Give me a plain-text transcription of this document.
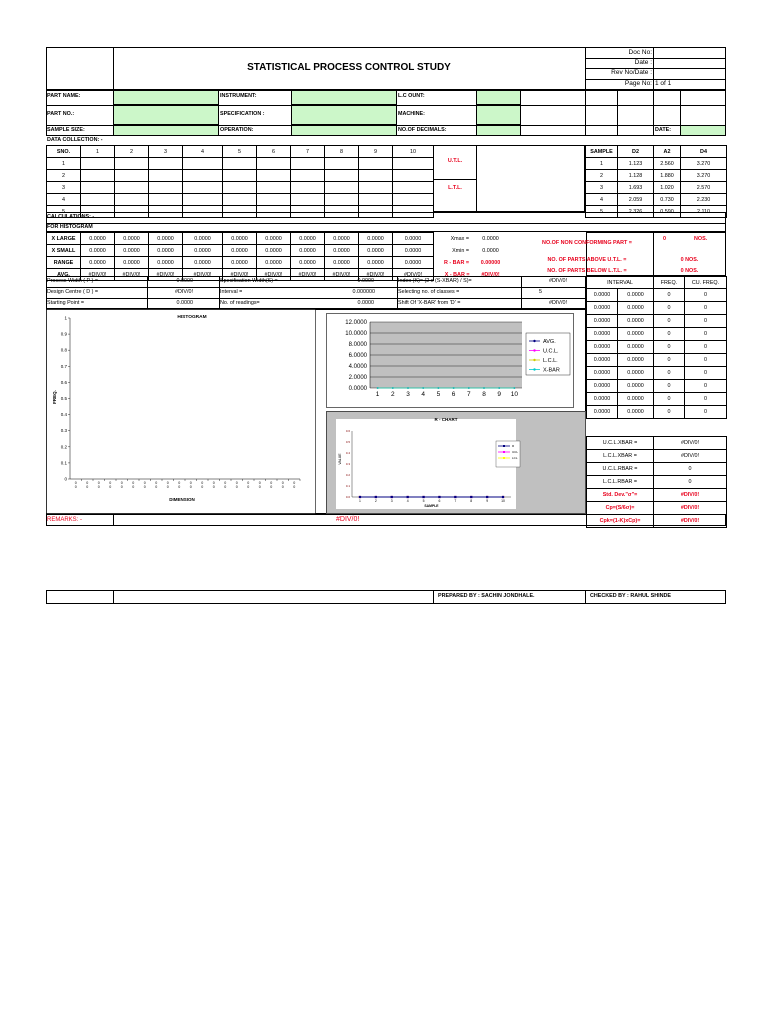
STATISTICAL PROCESS CONTROL STUDY
Doc No:
Date :
Rev No/Date :
Page No: 1 of 1
PART NAME:	INSTRUMENT:	L.C OUNT:
PART NO.:	SPECIFICATION :	MACHINE:
SAMPLE SIZE:	OPERATION:	NO.OF DECIMALS:	DATE:
DATA COLLECTION: -
SNO.	1	2	3	4	5	6	7	8	9	10
1										
2										
3										
4										
5										
U.T.L.
L.T.L.
SAMPLE	D2	A2	D4
1	1.123	2.560	3.270
2	1.128	1.880	3.270
3	1.693	1.020	2.570
4	2.059	0.730	2.230
5	2.326	0.590	2.110
CALCULATIONS: -
FOR HISTOGRAM
X LARGE	0.0000	0.0000	0.0000	0.0000	0.0000	0.0000	0.0000	0.0000	0.0000	0.0000	Xmax =	0.0000	
X SMALL	0.0000	0.0000	0.0000	0.0000	0.0000	0.0000	0.0000	0.0000	0.0000	0.0000	Xmin =	0.0000	
RANGE	0.0000	0.0000	0.0000	0.0000	0.0000	0.0000	0.0000	0.0000	0.0000	0.0000	R - BAR =	0.00000	
AVG.	#DIV/0!	#DIV/0!	#DIV/0!	#DIV/0!	#DIV/0!	#DIV/0!	#DIV/0!	#DIV/0!	#DIV/0!	#DIV/0!	X - BAR =	#DIV/0!	
NO.OF NON CONFORMING PART =
0	NOS.
NO. OF PARTS ABOVE U.T.L. =	0 NOS.
NO. OF PARTS BELOW L.T.L. =	0 NOS.
Process Width ( P ) =	0.0000	Specification Width(S) =	0.0000	Index (K)= (2 x (S-XBAR) / S)=	#DIV/0!
Design Centre ( D ) =	#DIV/0!	Interval =	0.000000	Selecting no. of classes =	5
Starting Point =	0.0000	No. of readings=	0.0000	Shift Of 'X-BAR' from 'D' =	#DIV/0!
INTERVAL		FREQ.	CU. FREQ.
0.0000	0.0000	0	0
0.0000	0.0000	0	0
0.0000	0.0000	0	0
0.0000	0.0000	0	0
0.0000	0.0000	0	0
0.0000	0.0000	0	0
0.0000	0.0000	0	0
0.0000	0.0000	0	0
0.0000	0.0000	0	0
0.0000	0.0000	0	0
U.C.L.XBAR =	#DIV/0!
L.C.L.XBAR =	#DIV/0!
U.C.L.RBAR =	0
L.C.L.RBAR =	0
Std. Dev."σ"=	#DIV/0!
Cp=(S/6σ)=	#DIV/0!
Cpk=(1-K)xCp)=	#DIV/0!
0
0.1
0.2
0.3
0.4
0.5
0.6
0.7
0.8
0.9
1
0
0
0
0
0
0
0
0
0
0
0
0
0
0
0
0
0
0
0
0
0
0
0
0
0
0
0
0
0
0
0
0
0
0
0
0
0
0
0
0
HISTOGRAM
DIMENSION
FREQ.
0.0000
2.0000
4.0000
6.0000
8.0000
10.0000
12.0000
1 2 3 4 5 6 7 8 9 10
AVG.
U.C.L.
L.C.L.
X-BAR
R - CHART
VALUE
0.0
0.1
0.2
0.3
0.4
0.5
0.6
1	2	3	4	5	6	7	8	9	10
SAMPLE
R
UCL
LCL
REMARKS: -	#DIV/0!
PREPARED BY : SACHIN JONDHALE.	CHECKED BY : RAHUL SHINDE
